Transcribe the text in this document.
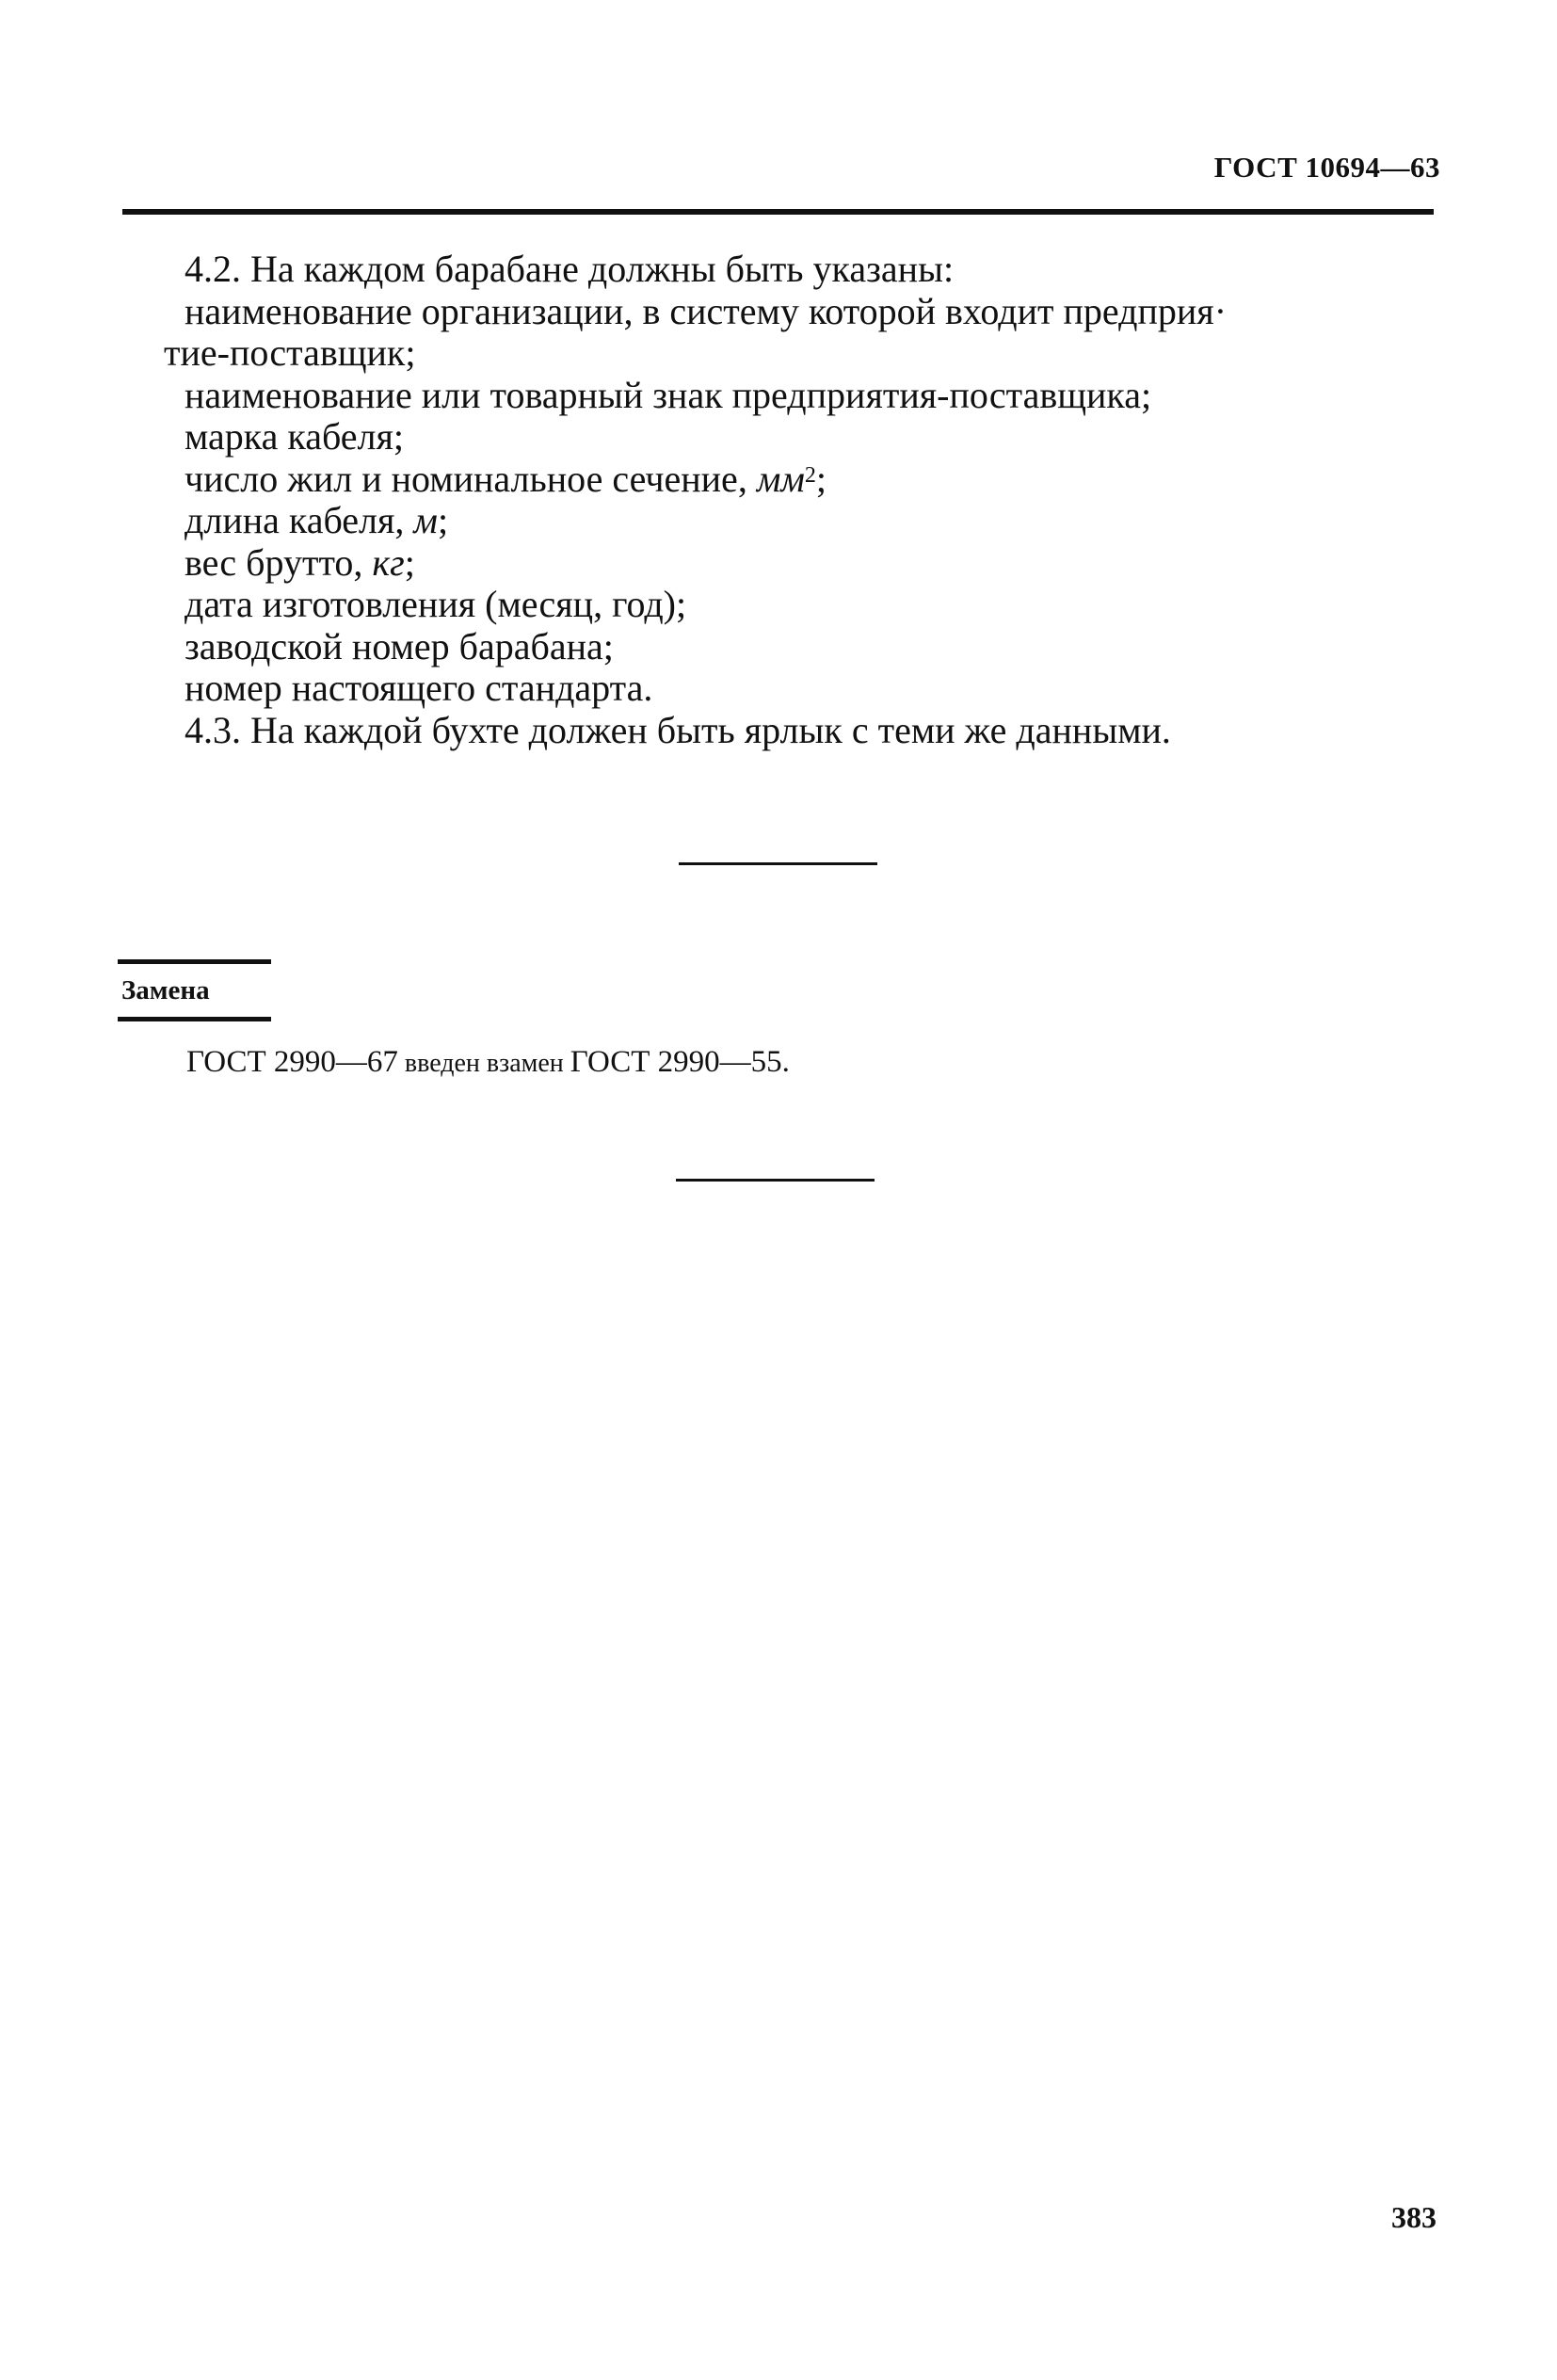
ГОСТ 10694—63
4.2. На каждом барабане должны быть указаны:
наименование организации, в систему которой входит предприя·
тие-поставщик;
наименование или товарный знак предприятия-поставщика;
марка кабеля;
число жил и номинальное сечение, $мм^2$;
длина кабеля, м;
вес брутто, кг;
дата изготовления (месяц, год);
заводской номер барабана;
номер настоящего стандарта.
4.3. На каждой бухте должен быть ярлык с теми же данными.
Замена
ГОСТ 2990—67 введен взамен ГОСТ 2990—55.
383
